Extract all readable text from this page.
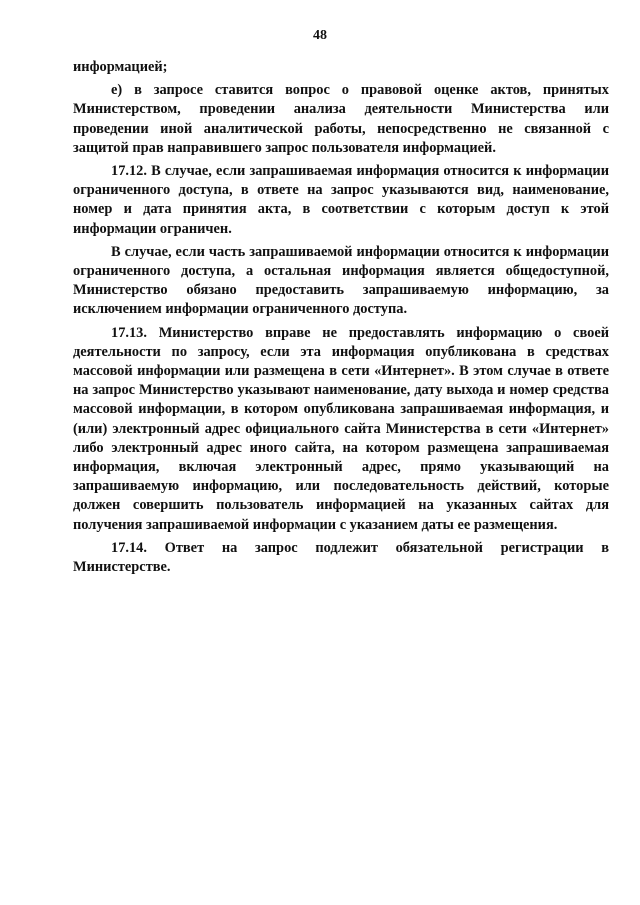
48

информацией;

е) в запросе ставится вопрос о правовой оценке актов, принятых Министерством, проведении анализа деятельности Министерства или проведении иной аналитической работы, непосредственно не связанной с защитой прав направившего запрос пользователя информацией.

17.12. В случае, если запрашиваемая информация относится к информации ограниченного доступа, в ответе на запрос указываются вид, наименование, номер и дата принятия акта, в соответствии с которым доступ к этой информации ограничен.

В случае, если часть запрашиваемой информации относится к информации ограниченного доступа, а остальная информация является общедоступной, Министерство обязано предоставить запрашиваемую информацию, за исключением информации ограниченного доступа.

17.13. Министерство вправе не предоставлять информацию о своей деятельности по запросу, если эта информация опубликована в средствах массовой информации или размещена в сети «Интернет». В этом случае в ответе на запрос Министерство указывают наименование, дату выхода и номер средства массовой информации, в котором опубликована запрашиваемая информация, и (или) электронный адрес официального сайта Министерства в сети «Интернет» либо электронный адрес иного сайта, на котором размещена запрашиваемая информация, включая электронный адрес, прямо указывающий на запрашиваемую информацию, или последовательность действий, которые должен совершить пользователь информацией на указанных сайтах для получения запрашиваемой информации с указанием даты ее размещения.

17.14. Ответ на запрос подлежит обязательной регистрации в Министерстве.
